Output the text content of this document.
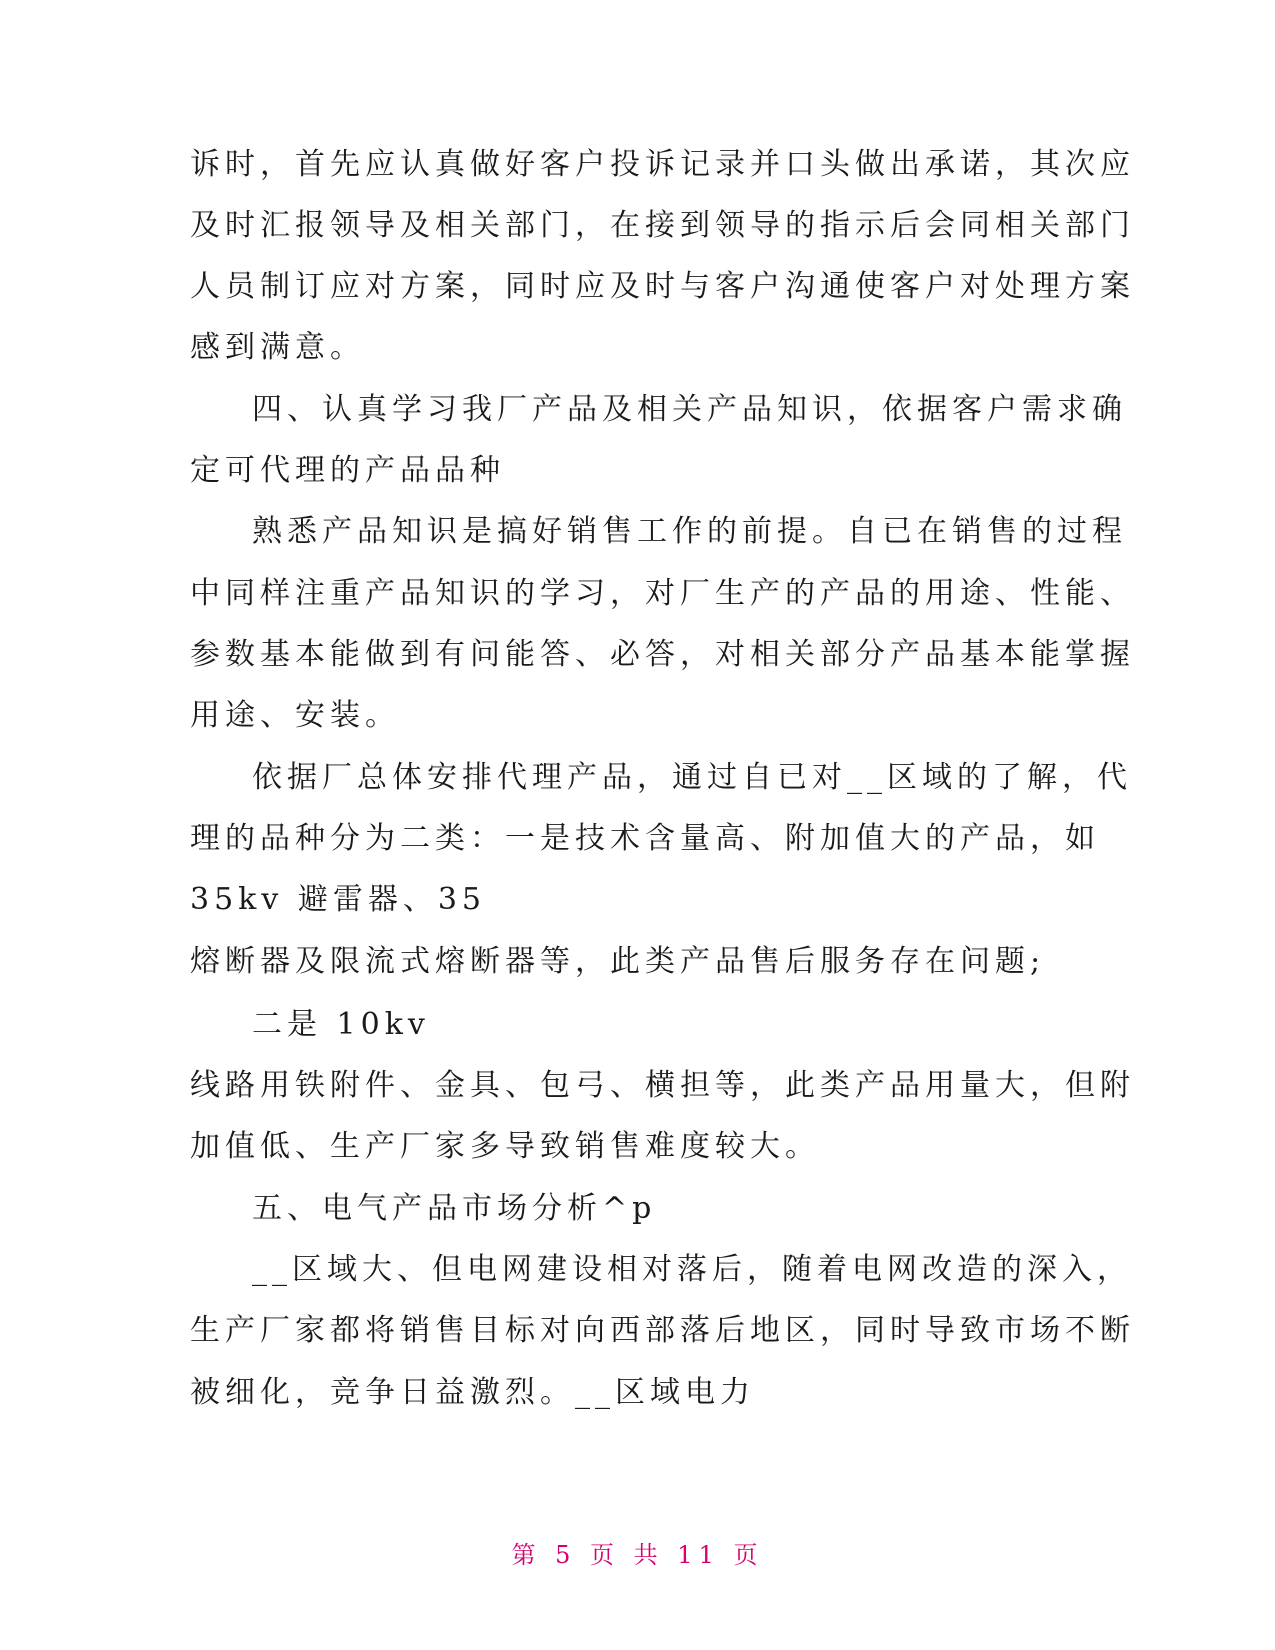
诉时，首先应认真做好客户投诉记录并口头做出承诺，其次应

及时汇报领导及相关部门，在接到领导的指示后会同相关部门

人员制订应对方案，同时应及时与客户沟通使客户对处理方案

感到满意。

四、认真学习我厂产品及相关产品知识，依据客户需求确

定可代理的产品品种

熟悉产品知识是搞好销售工作的前提。自已在销售的过程

中同样注重产品知识的学习，对厂生产的产品的用途、性能、

参数基本能做到有问能答、必答，对相关部分产品基本能掌握

用途、安装。

依据厂总体安排代理产品，通过自已对__区域的了解，代

理的品种分为二类：一是技术含量高、附加值大的产品，如

35kv 避雷器、35

熔断器及限流式熔断器等，此类产品售后服务存在问题;

二是 10kv

线路用铁附件、金具、包弓、横担等，此类产品用量大，但附

加值低、生产厂家多导致销售难度较大。

五、电气产品市场分析^p

__区域大、但电网建设相对落后，随着电网改造的深入，

生产厂家都将销售目标对向西部落后地区，同时导致市场不断

被细化，竞争日益激烈。__区域电力

第 5 页 共 11 页
